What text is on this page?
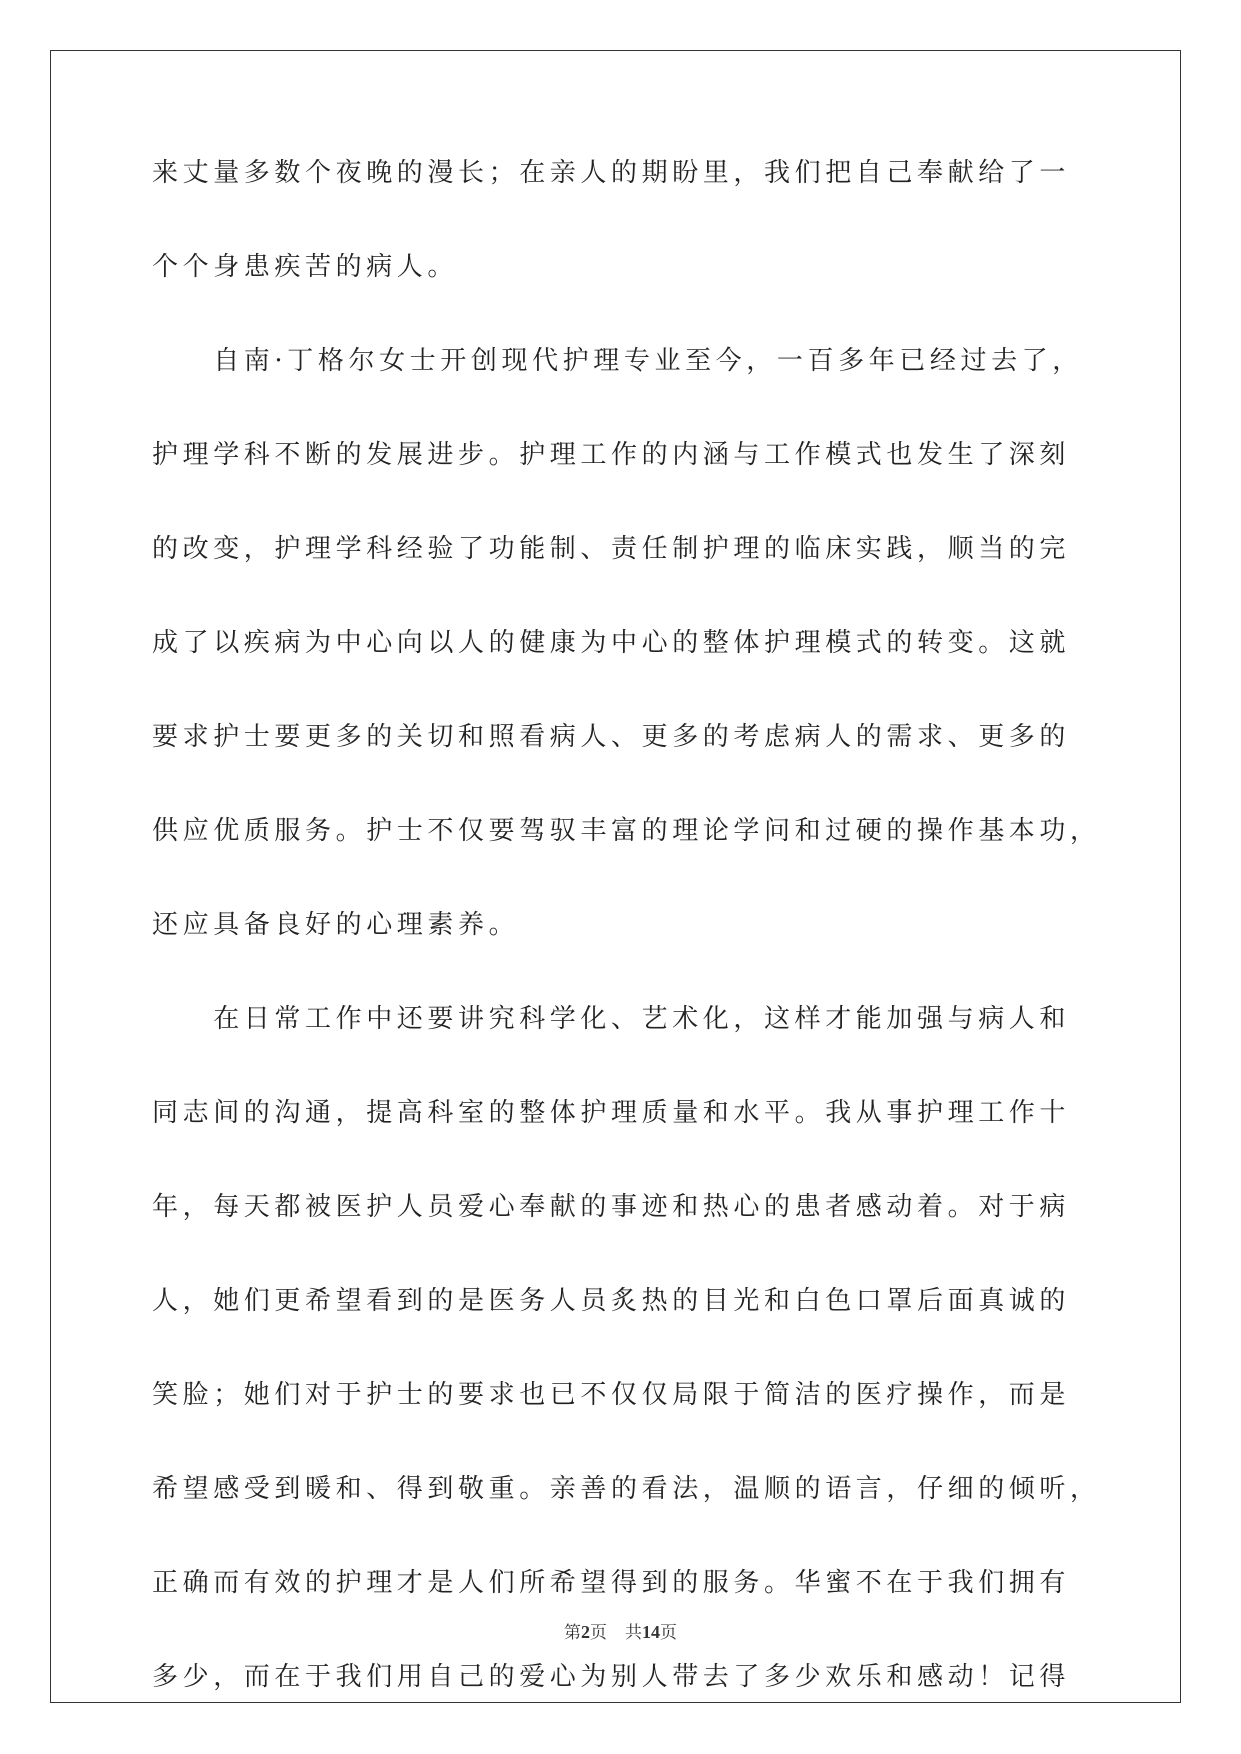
来丈量多数个夜晚的漫长；在亲人的期盼里，我们把自己奉献给了一
个个身患疾苦的病人。
　　自南·丁格尔女士开创现代护理专业至今，一百多年已经过去了，
护理学科不断的发展进步。护理工作的内涵与工作模式也发生了深刻
的改变，护理学科经验了功能制、责任制护理的临床实践，顺当的完
成了以疾病为中心向以人的健康为中心的整体护理模式的转变。这就
要求护士要更多的关切和照看病人、更多的考虑病人的需求、更多的
供应优质服务。护士不仅要驾驭丰富的理论学问和过硬的操作基本功，
还应具备良好的心理素养。
　　在日常工作中还要讲究科学化、艺术化，这样才能加强与病人和
同志间的沟通，提高科室的整体护理质量和水平。我从事护理工作十
年，每天都被医护人员爱心奉献的事迹和热心的患者感动着。对于病
人，她们更希望看到的是医务人员炙热的目光和白色口罩后面真诚的
笑脸；她们对于护士的要求也已不仅仅局限于简洁的医疗操作，而是
希望感受到暖和、得到敬重。亲善的看法，温顺的语言，仔细的倾听，
正确而有效的护理才是人们所希望得到的服务。华蜜不在于我们拥有
多少，而在于我们用自己的爱心为别人带去了多少欢乐和感动！记得
第2页 共14页
